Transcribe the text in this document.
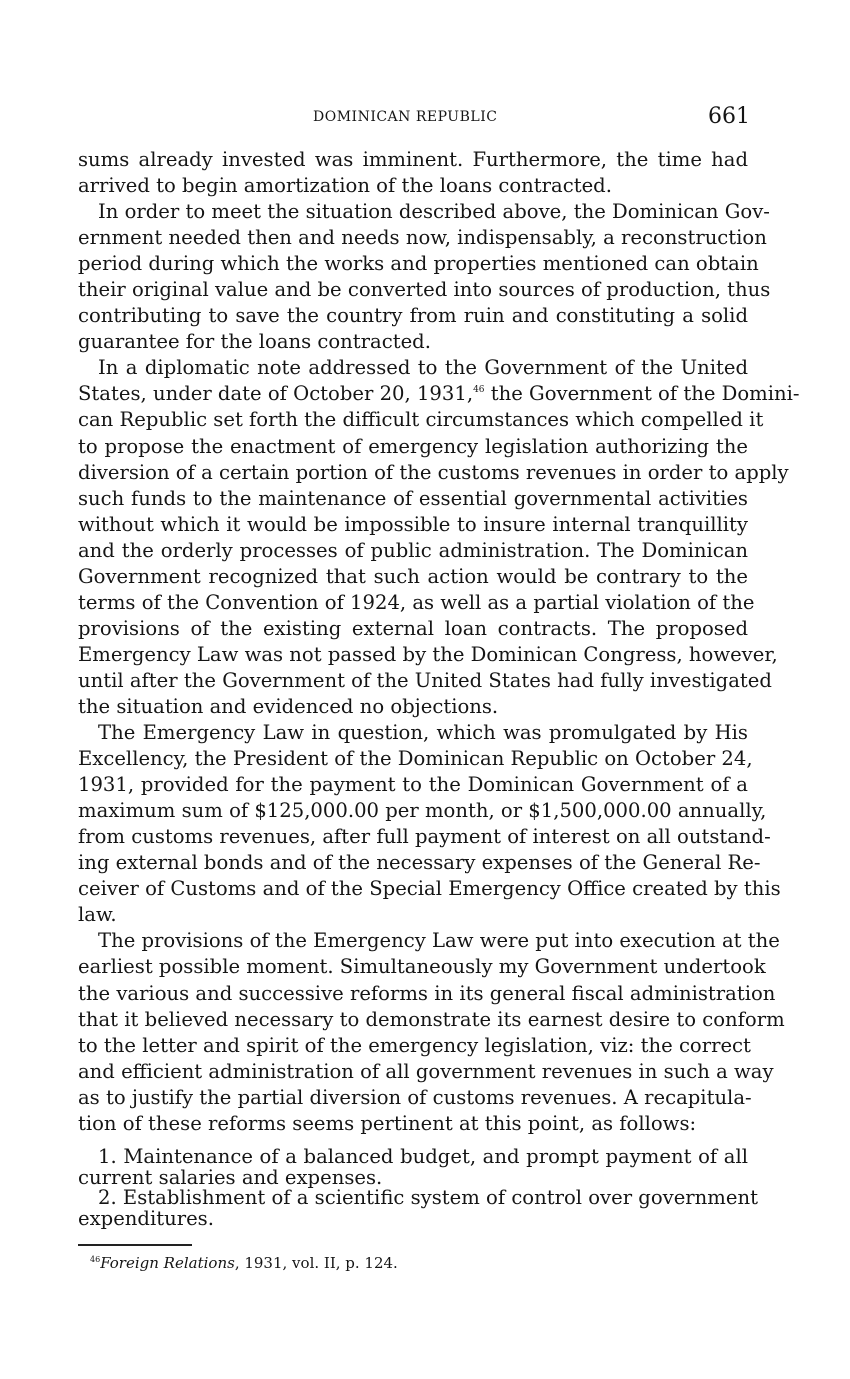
DOMINICAN REPUBLIC	661
sums already invested was imminent. Furthermore, the time had
arrived to begin amortization of the loans contracted.
In order to meet the situation described above, the Dominican Gov-
ernment needed then and needs now, indispensably, a reconstruction
period during which the works and properties mentioned can obtain
their original value and be converted into sources of production, thus
contributing to save the country from ruin and constituting a solid
guarantee for the loans contracted.
In a diplomatic note addressed to the Government of the United
States, under date of October 20, 1931,46 the Government of the Domini-
can Republic set forth the difficult circumstances which compelled it
to propose the enactment of emergency legislation authorizing the
diversion of a certain portion of the customs revenues in order to apply
such funds to the maintenance of essential governmental activities
without which it would be impossible to insure internal tranquillity
and the orderly processes of public administration. The Dominican
Government recognized that such action would be contrary to the
terms of the Convention of 1924, as well as a partial violation of the
provisions of the existing external loan contracts. The proposed
Emergency Law was not passed by the Dominican Congress, however,
until after the Government of the United States had fully investigated
the situation and evidenced no objections.
The Emergency Law in question, which was promulgated by His
Excellency, the President of the Dominican Republic on October 24,
1931, provided for the payment to the Dominican Government of a
maximum sum of $125,000.00 per month, or $1,500,000.00 annually,
from customs revenues, after full payment of interest on all outstand-
ing external bonds and of the necessary expenses of the General Re-
ceiver of Customs and of the Special Emergency Office created by this
law.
The provisions of the Emergency Law were put into execution at the
earliest possible moment. Simultaneously my Government undertook
the various and successive reforms in its general fiscal administration
that it believed necessary to demonstrate its earnest desire to conform
to the letter and spirit of the emergency legislation, viz: the correct
and efficient administration of all government revenues in such a way
as to justify the partial diversion of customs revenues. A recapitula-
tion of these reforms seems pertinent at this point, as follows:
1. Maintenance of a balanced budget, and prompt payment of all
current salaries and expenses.
2. Establishment of a scientific system of control over government
expenditures.
$^{46}$Foreign Relations, 1931, vol. II, p. 124.
